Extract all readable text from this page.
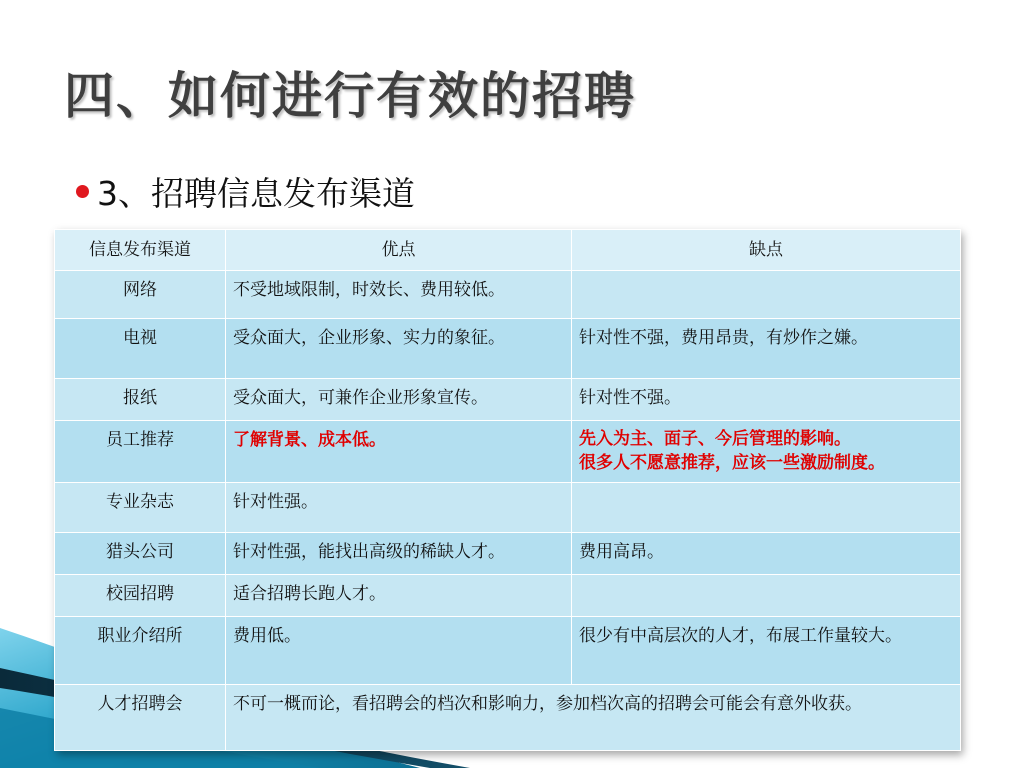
四、如何进行有效的招聘
3、招聘信息发布渠道
信息发布渠道	优点	缺点
网络	不受地域限制，时效长、费用较低。	
电视	受众面大，企业形象、实力的象征。	针对性不强，费用昂贵，有炒作之嫌。
报纸	受众面大，可兼作企业形象宣传。	针对性不强。
员工推荐	了解背景、成本低。	先入为主、面子、今后管理的影响。
很多人不愿意推荐，应该一些激励制度。

专业杂志	针对性强。	
猎头公司	针对性强，能找出高级的稀缺人才。	费用高昂。
校园招聘	适合招聘长跑人才。	
职业介绍所	费用低。	很少有中高层次的人才，布展工作量较大。
人才招聘会	不可一概而论，看招聘会的档次和影响力，参加档次高的招聘会可能会有意外收获。	
